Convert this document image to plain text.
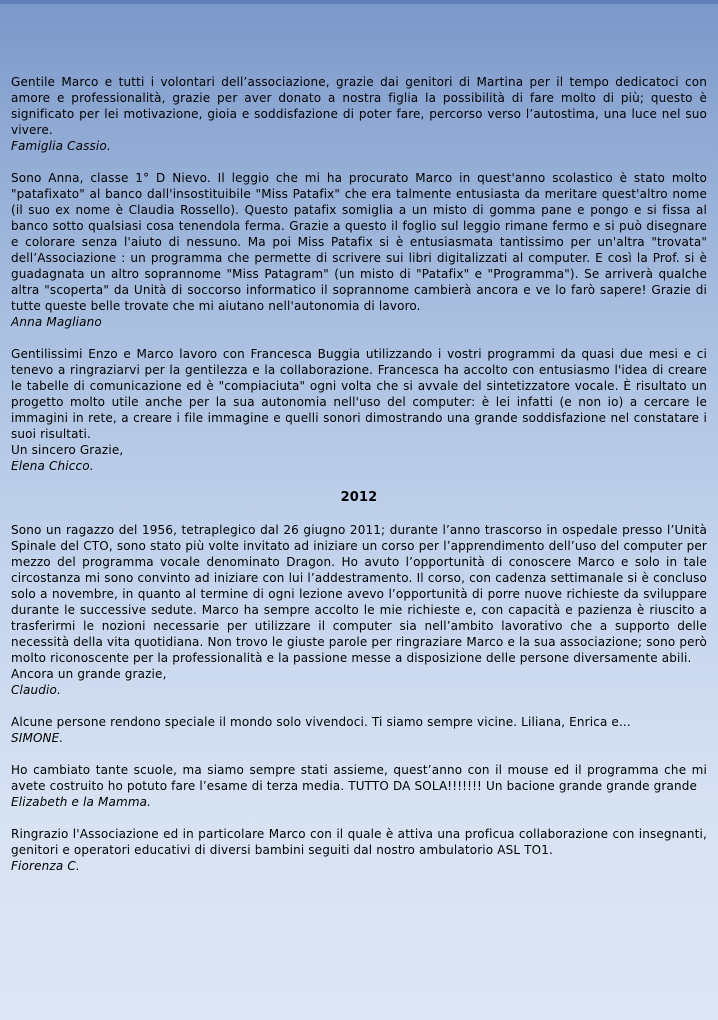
Gentile Marco e tutti i volontari dell’associazione, grazie dai genitori di Martina per il tempo dedicatoci con amore e professionalità, grazie per aver donato a nostra figlia la possibilità di fare molto di più; questo è significato per lei motivazione, gioia e soddisfazione di poter fare, percorso verso l’autostima, una luce nel suo vivere.

Famiglia Cassio.

Sono Anna, classe 1° D Nievo. Il leggio che mi ha procurato Marco in quest'anno scolastico è stato molto "patafixato" al banco dall'insostituibile "Miss Patafix" che era talmente entusiasta da meritare quest'altro nome (il suo ex nome è Claudia Rossello). Questo patafix somiglia a un misto di gomma pane e pongo e si fissa al banco sotto qualsiasi cosa tenendola ferma. Grazie a questo il foglio sul leggio rimane fermo e si può disegnare e colorare senza l'aiuto di nessuno. Ma poi Miss Patafix si è entusiasmata tantissimo per un'altra "trovata" dell’Associazione : un programma che permette di scrivere sui libri digitalizzati al computer. E così la Prof. si è guadagnata un altro soprannome "Miss Patagram" (un misto di "Patafix" e "Programma"). Se arriverà qualche altra "scoperta" da Unità di soccorso informatico il soprannome cambierà ancora e ve lo farò sapere! Grazie di tutte queste belle trovate che mi aiutano nell'autonomia di lavoro.

Anna Magliano

Gentilissimi Enzo e Marco lavoro con Francesca Buggia utilizzando i vostri programmi da quasi due mesi e ci tenevo a ringraziarvi per la gentilezza e la collaborazione. Francesca ha accolto con entusiasmo l'idea di creare le tabelle di comunicazione ed è "compiaciuta" ogni volta che si avvale del sintetizzatore vocale. È risultato un progetto molto utile anche per la sua autonomia nell'uso del computer: è lei infatti (e non io) a cercare le immagini in rete, a creare i file immagine e quelli sonori dimostrando una grande soddisfazione nel constatare i suoi risultati.

Un sincero Grazie,

Elena Chicco.
2012

Sono un ragazzo del 1956, tetraplegico dal 26 giugno 2011; durante l’anno trascorso in ospedale presso l’Unità Spinale del CTO, sono stato più volte invitato ad iniziare un corso per l’apprendimento dell’uso del computer per mezzo del programma vocale denominato Dragon. Ho avuto l’opportunità di conoscere Marco e solo in tale circostanza mi sono convinto ad iniziare con lui l’addestramento. Il corso, con cadenza settimanale si è concluso solo a novembre, in quanto al termine di ogni lezione avevo l’opportunità di porre nuove richieste da sviluppare durante le successive sedute. Marco ha sempre accolto le mie richieste e, con capacità e pazienza è riuscito a trasferirmi le nozioni necessarie per utilizzare il computer sia nell’ambito lavorativo che a supporto delle necessità della vita quotidiana. Non trovo le giuste parole per ringraziare Marco e la sua associazione; sono però molto riconoscente per la professionalità e la passione messe a disposizione delle persone diversamente abili.

Ancora un grande grazie,

Claudio.

Alcune persone rendono speciale il mondo solo vivendoci. Ti siamo sempre vicine. Liliana, Enrica e...

SIMONE.

Ho cambiato tante scuole, ma siamo sempre stati assieme, quest’anno con il mouse ed il programma che mi avete costruito ho potuto fare l’esame di terza media. TUTTO DA SOLA!!!!!!! Un bacione grande grande grande

Elizabeth e la Mamma.

Ringrazio l'Associazione ed in particolare Marco con il quale è attiva una proficua collaborazione con insegnanti, genitori e operatori educativi di diversi bambini seguiti dal nostro ambulatorio ASL TO1.

Fiorenza C.
